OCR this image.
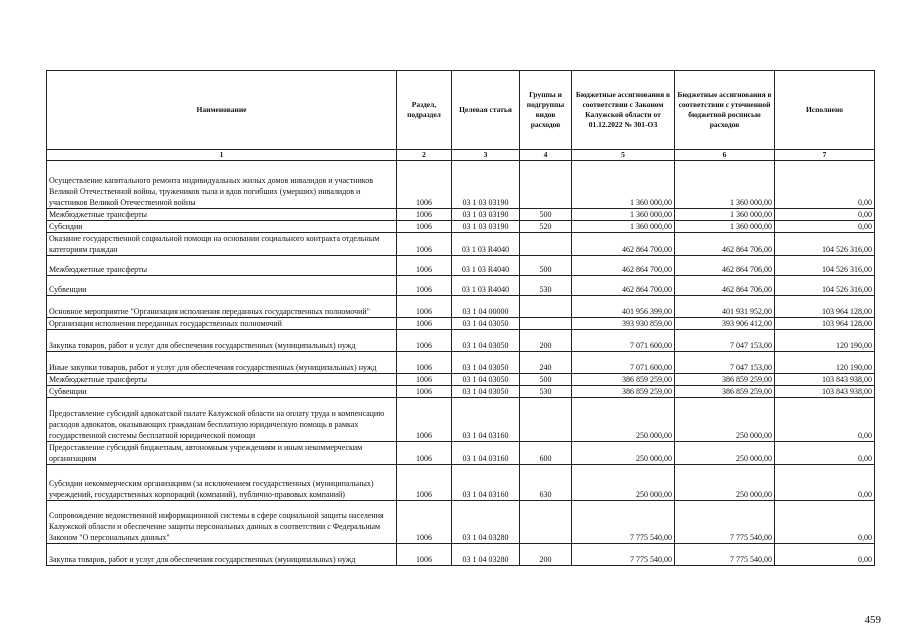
Наименование	Раздел, подраздел	Целевая статья	Группы и подгруппы видов расходов	Бюджетные ассигнования в соответствии с Законом Калужской области от 01.12.2022 № 301-ОЗ	Бюджетные ассигнования в соответствии с уточненной бюджетной росписью расходов	Исполнено
1	2	3	4	5	6	7
Осуществление капитального ремонта индивидуальных жилых домов инвалидов и участников Великой Отечественной войны, тружеников тыла и вдов погибших (умерших) инвалидов и участников Великой Отечественной войны	1006	03 1 03 03190		1 360 000,00	1 360 000,00	0,00
Межбюджетные трансферты	1006	03 1 03 03190	500	1 360 000,00	1 360 000,00	0,00
Субсидии	1006	03 1 03 03190	520	1 360 000,00	1 360 000,00	0,00
Оказание государственной социальной помощи на основании социального контракта отдельным категориям граждан	1006	03 1 03 R4040		462 864 700,00	462 864 706,00	104 526 316,00
Межбюджетные трансферты	1006	03 1 03 R4040	500	462 864 700,00	462 864 706,00	104 526 316,00
Субвенции	1006	03 1 03 R4040	530	462 864 700,00	462 864 706,00	104 526 316,00
Основное мероприятие "Организация исполнения переданных государственных полномочий"	1006	03 1 04 00000		401 956 399,00	401 931 952,00	103 964 128,00
Организация исполнения переданных государственных полномочий	1006	03 1 04 03050		393 930 859,00	393 906 412,00	103 964 128,00
Закупка товаров, работ и услуг для обеспечения государственных (муниципальных) нужд	1006	03 1 04 03050	200	7 071 600,00	7 047 153,00	120 190,00
Иные закупки товаров, работ и услуг для обеспечения государственных (муниципальных) нужд	1006	03 1 04 03050	240	7 071 600,00	7 047 153,00	120 190,00
Межбюджетные трансферты	1006	03 1 04 03050	500	386 859 259,00	386 859 259,00	103 843 938,00
Субвенции	1006	03 1 04 03050	530	386 859 259,00	386 859 259,00	103 843 938,00
Предоставление субсидий адвокатской палате Калужской области на оплату труда и компенсацию расходов адвокатов, оказывающих гражданам бесплатную юридическую помощь в рамках государственной системы бесплатной юридической помощи	1006	03 1 04 03160		250 000,00	250 000,00	0,00
Предоставление субсидий бюджетным, автономным учреждениям и иным некоммерческим организациям	1006	03 1 04 03160	600	250 000,00	250 000,00	0,00
Субсидии некоммерческим организациям (за исключением государственных (муниципальных) учреждений, государственных корпораций (компаний), публично-правовых компаний)	1006	03 1 04 03160	630	250 000,00	250 000,00	0,00
Сопровождение ведомственной информационной системы в сфере социальной защиты населения Калужской области и обеспечение защиты персональных данных в соответствии с Федеральным Законом "О персональных данных"	1006	03 1 04 03280		7 775 540,00	7 775 540,00	0,00
Закупка товаров, работ и услуг для обеспечения государственных (муниципальных) нужд	1006	03 1 04 03280	200	7 775 540,00	7 775 540,00	0,00
459
